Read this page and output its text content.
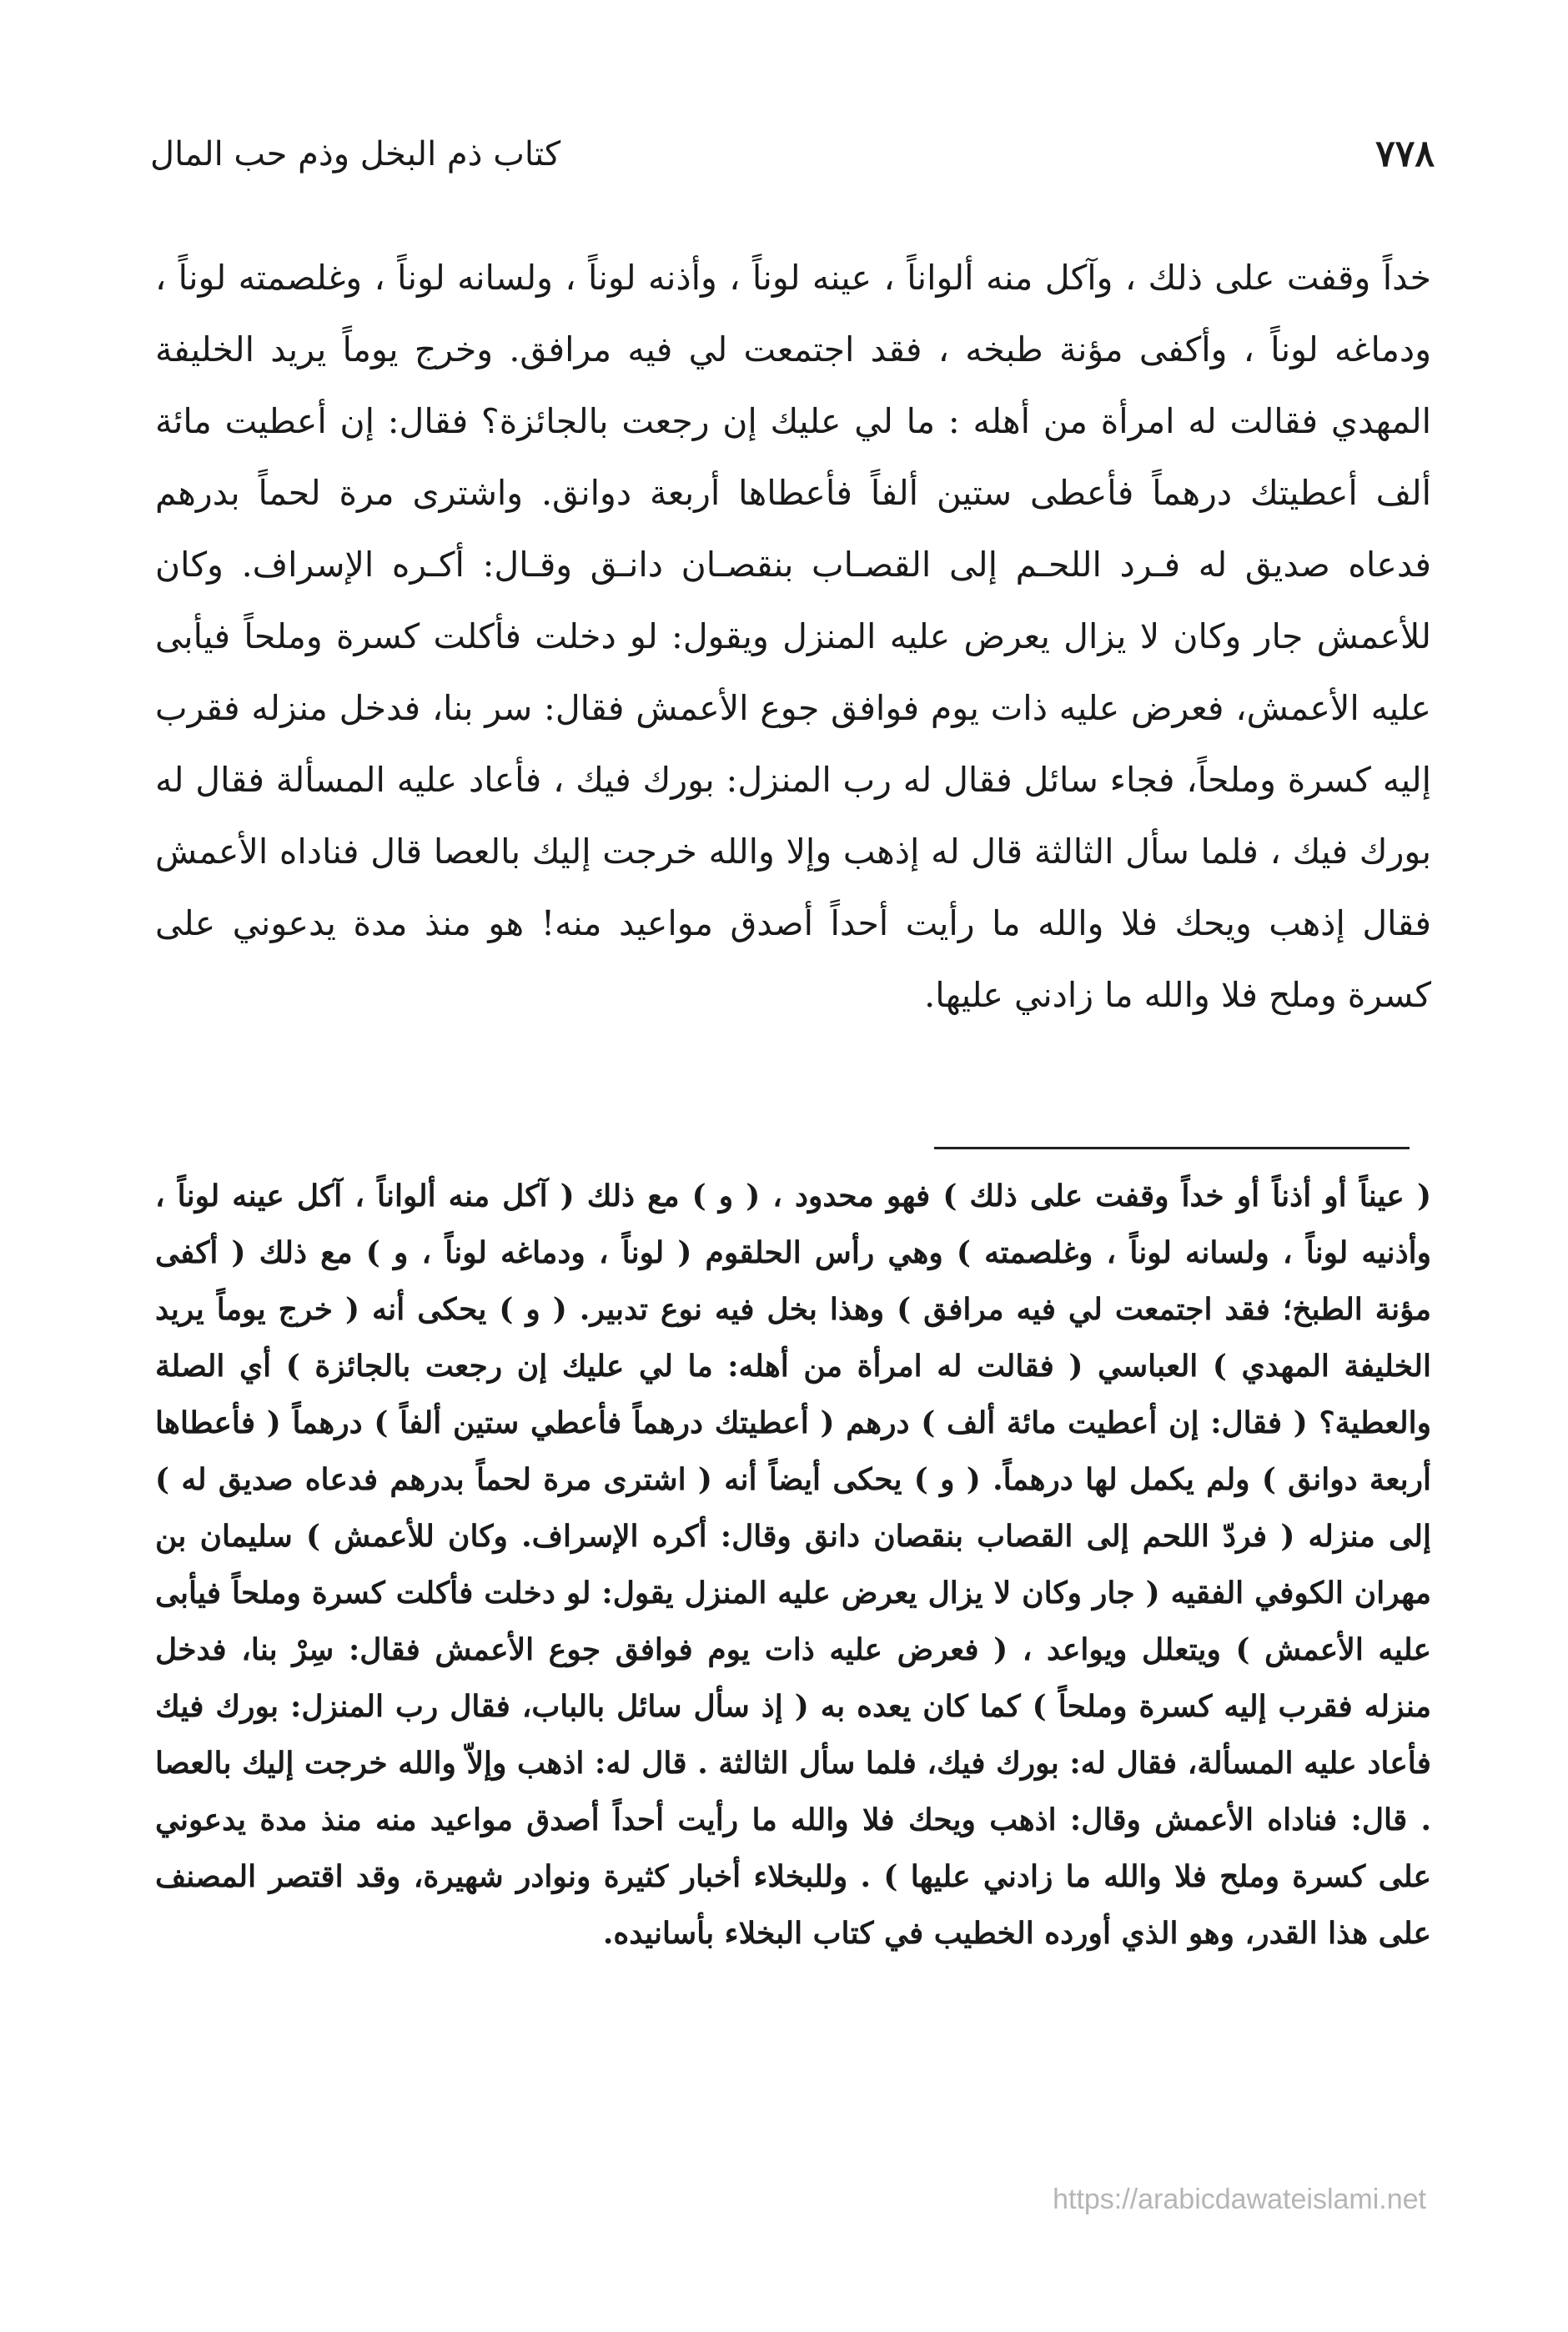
٧٧٨
كتاب ذم البخل وذم حب المال

خداً وقفت على ذلك ، وآكل منه ألواناً ، عينه لوناً ، وأذنه لوناً ، ولسانه لوناً ، وغلصمته لوناً ، ودماغه لوناً ، وأكفى مؤنة طبخه ، فقد اجتمعت لي فيه مرافق. وخرج يوماً يريد الخليفة المهدي فقالت له امرأة من أهله : ما لي عليك إن رجعت بالجائزة؟ فقال: إن أعطيت مائة ألف أعطيتك درهماً فأعطى ستين ألفاً فأعطاها أربعة دوانق. واشترى مرة لحماً بدرهم فدعاه صديق له فـرد اللحـم إلى القصـاب بنقصـان دانـق وقـال: أكـره الإسراف. وكان للأعمش جار وكان لا يزال يعرض عليه المنزل ويقول: لو دخلت فأكلت كسرة وملحاً فيأبى عليه الأعمش، فعرض عليه ذات يوم فوافق جوع الأعمش فقال: سر بنا، فدخل منزله فقرب إليه كسرة وملحاً، فجاء سائل فقال له رب المنزل: بورك فيك ، فأعاد عليه المسألة فقال له بورك فيك ، فلما سأل الثالثة قال له إذهب وإلا والله خرجت إليك بالعصا قال فناداه الأعمش فقال إذهب ويحك فلا والله ما رأيت أحداً أصدق مواعيد منه! هو منذ مدة يدعوني على كسرة وملح فلا والله ما زادني عليها.

( عيناً أو أذناً أو خداً وقفت على ذلك ) فهو محدود ، ( و ) مع ذلك ( آكل منه ألواناً ، آكل عينه لوناً ، وأذنيه لوناً ، ولسانه لوناً ، وغلصمته ) وهي رأس الحلقوم ( لوناً ، ودماغه لوناً ، و ) مع ذلك ( أكفى مؤنة الطبخ؛ فقد اجتمعت لي فيه مرافق ) وهذا بخل فيه نوع تدبير. ( و ) يحكى أنه ( خرج يوماً يريد الخليفة المهدي ) العباسي ( فقالت له امرأة من أهله: ما لي عليك إن رجعت بالجائزة ) أي الصلة والعطية؟ ( فقال: إن أعطيت مائة ألف ) درهم ( أعطيتك درهماً فأعطي ستين ألفاً ) درهماً ( فأعطاها أربعة دوانق ) ولم يكمل لها درهماً. ( و ) يحكى أيضاً أنه ( اشترى مرة لحماً بدرهم فدعاه صديق له ) إلى منزله ( فردّ اللحم إلى القصاب بنقصان دانق وقال: أكره الإسراف. وكان للأعمش ) سليمان بن مهران الكوفي الفقيه ( جار وكان لا يزال يعرض عليه المنزل يقول: لو دخلت فأكلت كسرة وملحاً فيأبى عليه الأعمش ) ويتعلل ويواعد ، ( فعرض عليه ذات يوم فوافق جوع الأعمش فقال: سِرْ بنا، فدخل منزله فقرب إليه كسرة وملحاً ) كما كان يعده به ( إذ سأل سائل بالباب، فقال رب المنزل: بورك فيك فأعاد عليه المسألة، فقال له: بورك فيك، فلما سأل الثالثة . قال له: اذهب وإلاّ والله خرجت إليك بالعصا . قال: فناداه الأعمش وقال: اذهب ويحك فلا والله ما رأيت أحداً أصدق مواعيد منه منذ مدة يدعوني على كسرة وملح فلا والله ما زادني عليها ) . وللبخلاء أخبار كثيرة ونوادر شهيرة، وقد اقتصر المصنف على هذا القدر، وهو الذي أورده الخطيب في كتاب البخلاء بأسانيده.

https://arabicdawateislami.net
